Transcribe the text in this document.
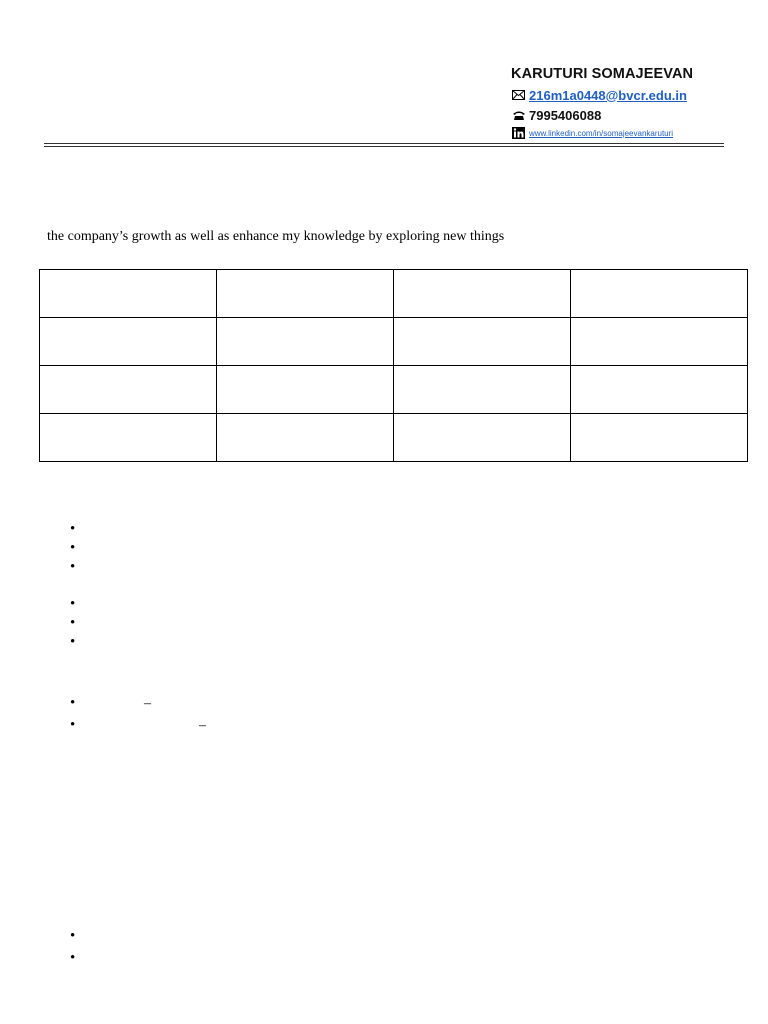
KARUTURI SOMAJEEVAN
216m1a0448@bvcr.edu.in
7995406088
www.linkedin.com/in/somajeevankaruturi
the company’s growth as well as enhance my knowledge by exploring new things

•
•
•
•
•
•
•	–
•	–
•
•
